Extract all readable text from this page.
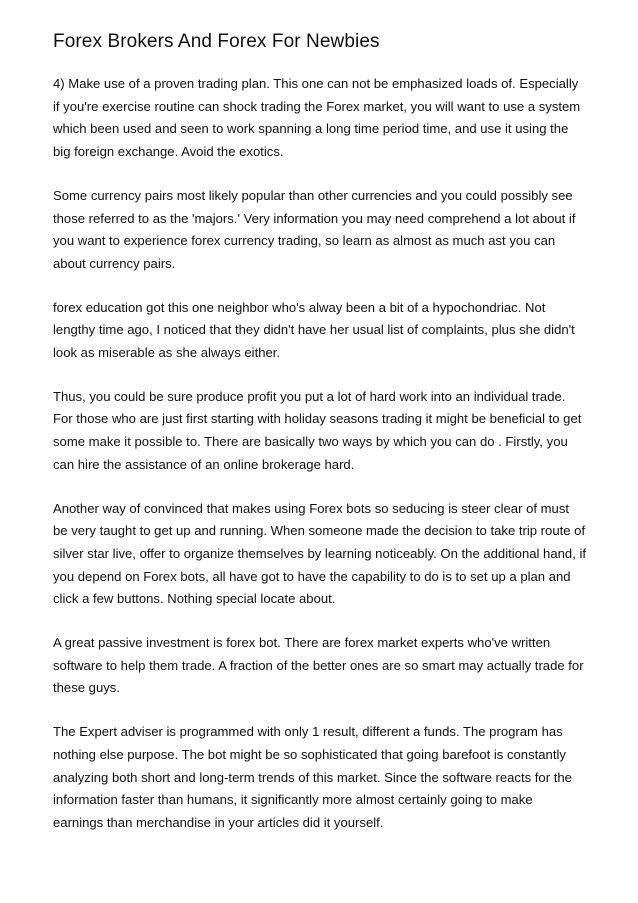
Forex Brokers And Forex For Newbies

4) Make use of a proven trading plan. This one can not be emphasized loads of. Especially if you're exercise routine can shock trading the Forex market, you will want to use a system which been used and seen to work spanning a long time period time, and use it using the big foreign exchange. Avoid the exotics.

Some currency pairs most likely popular than other currencies and you could possibly see those referred to as the 'majors.' Very information you may need comprehend a lot about if you want to experience forex currency trading, so learn as almost as much ast you can about currency pairs.

forex education got this one neighbor who's alway been a bit of a hypochondriac. Not lengthy time ago, I noticed that they didn't have her usual list of complaints, plus she didn't look as miserable as she always either.

Thus, you could be sure produce profit you put a lot of hard work into an individual trade. For those who are just first starting with holiday seasons trading it might be beneficial to get some make it possible to. There are basically two ways by which you can do . Firstly, you can hire the assistance of an online brokerage hard.

Another way of convinced that makes using Forex bots so seducing is steer clear of must be very taught to get up and running. When someone made the decision to take trip route of silver star live, offer to organize themselves by learning noticeably. On the additional hand, if you depend on Forex bots, all have got to have the capability to do is to set up a plan and click a few buttons. Nothing special locate about.

A great passive investment is forex bot. There are forex market experts who've written software to help them trade. A fraction of the better ones are so smart may actually trade for these guys.

The Expert adviser is programmed with only 1 result, different a funds. The program has nothing else purpose. The bot might be so sophisticated that going barefoot is constantly analyzing both short and long-term trends of this market. Since the software reacts for the information faster than humans, it significantly more almost certainly going to make earnings than merchandise in your articles did it yourself.
